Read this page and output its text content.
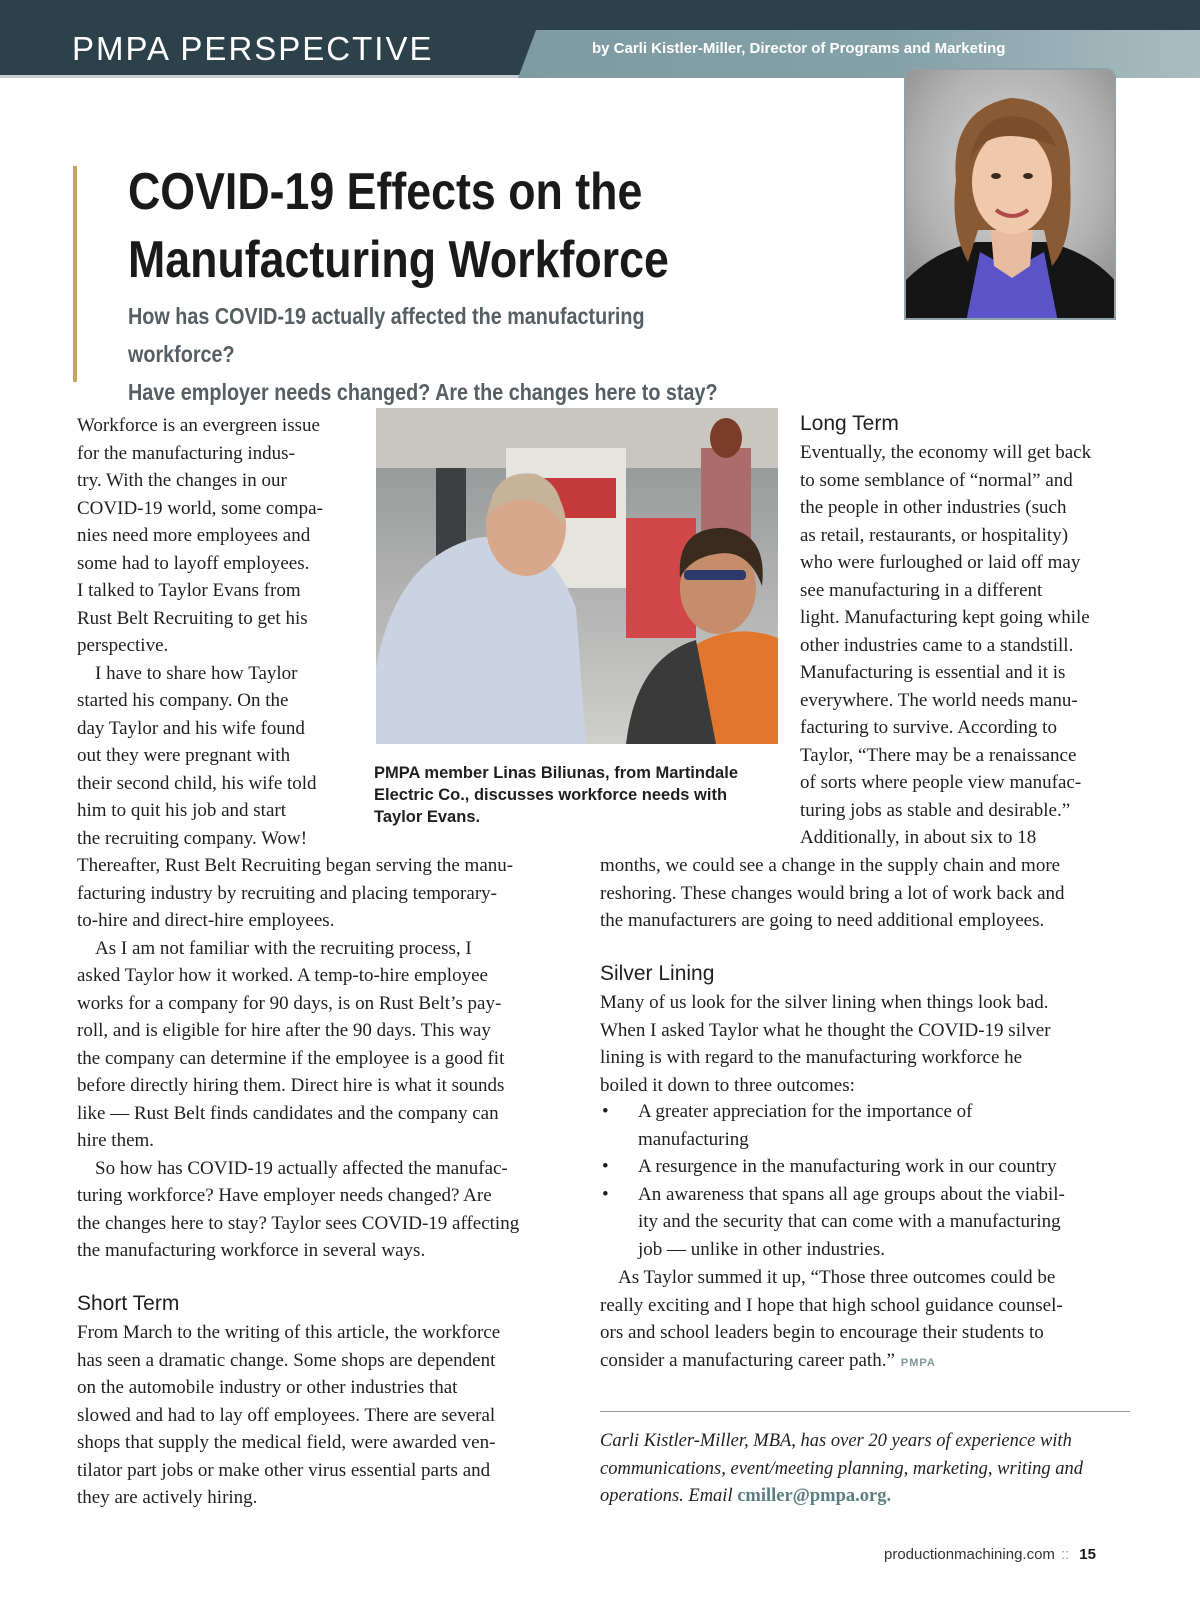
PMPA PERSPECTIVE	by Carli Kistler-Miller, Director of Programs and Marketing
COVID-19 Effects on the
Manufacturing Workforce
How has COVID-19 actually affected the manufacturing workforce?
Have employer needs changed? Are the changes here to stay?

Workforce is an evergreen issue
for the manufacturing indus-
try. With the changes in our
COVID-19 world, some compa-
nies need more employees and
some had to layoff employees.
I talked to Taylor Evans from
Rust Belt Recruiting to get his
perspective.

I have to share how Taylor
started his company. On the
day Taylor and his wife found
out they were pregnant with
their second child, his wife told
him to quit his job and start
the recruiting company. Wow!

Thereafter, Rust Belt Recruiting began serving the manu-
facturing industry by recruiting and placing temporary-
to-hire and direct-hire employees.

As I am not familiar with the recruiting process, I
asked Taylor how it worked. A temp-to-hire employee
works for a company for 90 days, is on Rust Belt’s pay-
roll, and is eligible for hire after the 90 days. This way
the company can determine if the employee is a good fit
before directly hiring them. Direct hire is what it sounds
like — Rust Belt finds candidates and the company can
hire them.

So how has COVID-19 actually affected the manufac-
turing workforce? Have employer needs changed? Are
the changes here to stay? Taylor sees COVID-19 affecting
the manufacturing workforce in several ways.

Short Term

From March to the writing of this article, the workforce
has seen a dramatic change. Some shops are dependent
on the automobile industry or other industries that
slowed and had to lay off employees. There are several
shops that supply the medical field, were awarded ven-
tilator part jobs or make other virus essential parts and
they are actively hiring.

PMPA member Linas Biliunas, from Martindale
Electric Co., discusses workforce needs with
Taylor Evans.
Long Term

Eventually, the economy will get back
to some semblance of “normal” and
the people in other industries (such
as retail, restaurants, or hospitality)
who were furloughed or laid off may
see manufacturing in a different
light. Manufacturing kept going while
other industries came to a standstill.
Manufacturing is essential and it is
everywhere. The world needs manu-
facturing to survive. According to
Taylor, “There may be a renaissance
of sorts where people view manufac-
turing jobs as stable and desirable.”
Additionally, in about six to 18

months, we could see a change in the supply chain and more
reshoring. These changes would bring a lot of work back and
the manufacturers are going to need additional employees.

Silver Lining

Many of us look for the silver lining when things look bad.
When I asked Taylor what he thought the COVID-19 silver
lining is with regard to the manufacturing workforce he
boiled it down to three outcomes:

• A greater appreciation for the importance of
manufacturing
• A resurgence in the manufacturing work in our country
• An awareness that spans all age groups about the viabil-
ity and the security that can come with a manufacturing
job — unlike in other industries.

As Taylor summed it up, “Those three outcomes could be
really exciting and I hope that high school guidance counsel-
ors and school leaders begin to encourage their students to
consider a manufacturing career path.” PMPA

Carli Kistler-Miller, MBA, has over 20 years of experience with
communications, event/meeting planning, marketing, writing and
operations. Email cmiller@pmpa.org.
productionmachining.com :: 15
